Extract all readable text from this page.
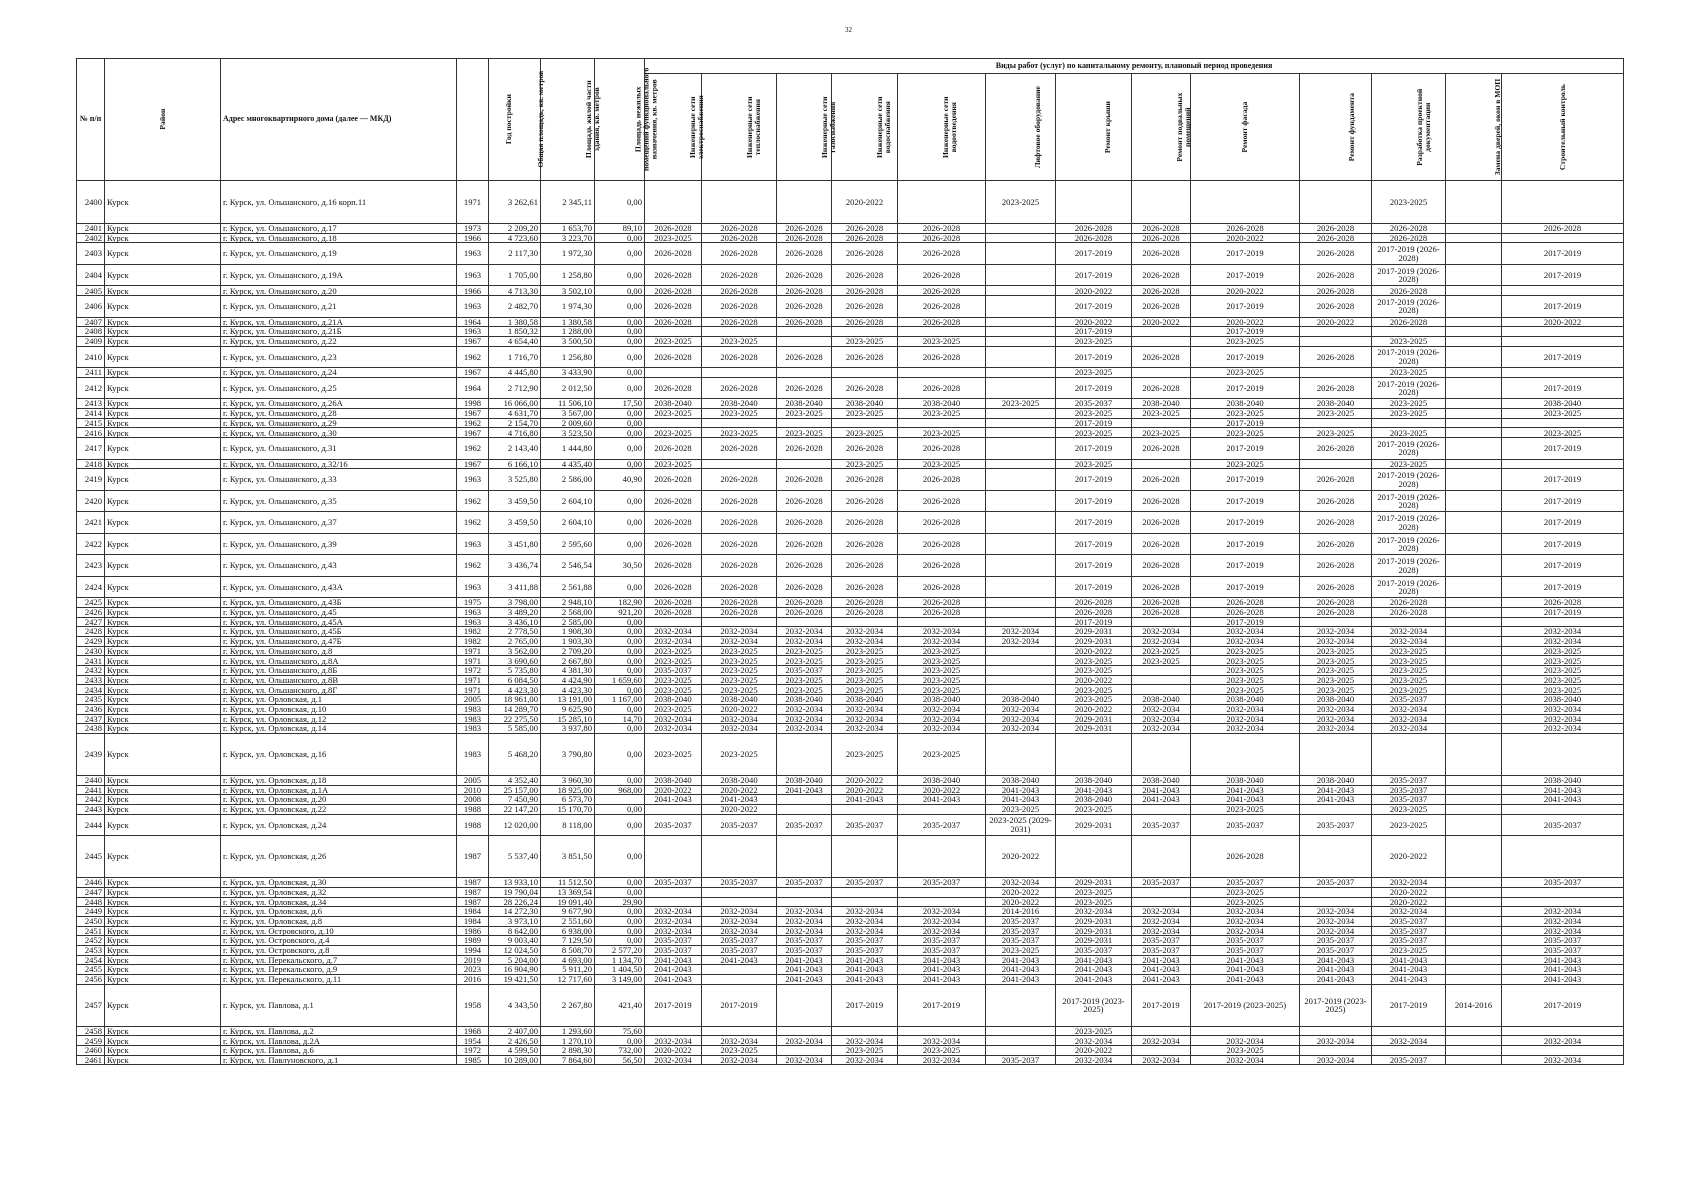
32
№ п/п	Район	Адрес многоквартирного дома (далее — МКД)	Год постройки	Общая площадь, кв. метров	Площадь жилой части здания, кв. метров	Площадь нежилых помещений функционального назначения, кв. метров	Виды работ (услуг) по капитальному ремонту, плановый период проведения												
							Инженерные сети электроснабжения	Инженерные сети теплоснабжения	Инженерные сети газоснабжения	Инженерные сети водоснабжения	Инженерные сети водоотведения	Лифтовое оборудование	Ремонт крыши	Ремонт подвальных помещений	Ремонт фасада	Ремонт фундамента	Разработка проектной документации	Замена дверей, окон в МОП	Строительный контроль
2400	Курск	г. Курск, ул. Ольшанского, д.16 корп.11	1971	3 262,61	2 345,11	0,00				2020-2022		2023-2025					2023-2025		
2401	Курск	г. Курск, ул. Ольшанского, д.17	1973	2 209,20	1 653,70	89,10	2026-2028	2026-2028	2026-2028	2026-2028	2026-2028		2026-2028	2026-2028	2026-2028	2026-2028	2026-2028		2026-2028
2402	Курск	г. Курск, ул. Ольшанского, д.18	1966	4 723,60	3 223,70	0,00	2023-2025	2026-2028	2026-2028	2026-2028	2026-2028		2026-2028	2026-2028	2020-2022	2026-2028	2026-2028		
2403	Курск	г. Курск, ул. Ольшанского, д.19	1963	2 117,30	1 972,30	0,00	2026-2028	2026-2028	2026-2028	2026-2028	2026-2028		2017-2019	2026-2028	2017-2019	2026-2028	2017-2019 (2026-2028)		2017-2019
2404	Курск	г. Курск, ул. Ольшанского, д.19А	1963	1 705,00	1 258,80	0,00	2026-2028	2026-2028	2026-2028	2026-2028	2026-2028		2017-2019	2026-2028	2017-2019	2026-2028	2017-2019 (2026-2028)		2017-2019
2405	Курск	г. Курск, ул. Ольшанского, д.20	1966	4 713,30	3 502,10	0,00	2026-2028	2026-2028	2026-2028	2026-2028	2026-2028		2020-2022	2026-2028	2020-2022	2026-2028	2026-2028		
2406	Курск	г. Курск, ул. Ольшанского, д.21	1963	2 482,70	1 974,30	0,00	2026-2028	2026-2028	2026-2028	2026-2028	2026-2028		2017-2019	2026-2028	2017-2019	2026-2028	2017-2019 (2026-2028)		2017-2019
2407	Курск	г. Курск, ул. Ольшанского, д.21А	1964	1 380,58	1 380,58	0,00	2026-2028	2026-2028	2026-2028	2026-2028	2026-2028		2020-2022	2020-2022	2020-2022	2020-2022	2026-2028		2020-2022
2408	Курск	г. Курск, ул. Ольшанского, д.21Б	1963	1 850,32	1 288,00	0,00							2017-2019		2017-2019				
2409	Курск	г. Курск, ул. Ольшанского, д.22	1967	4 654,40	3 500,50	0,00	2023-2025	2023-2025		2023-2025	2023-2025		2023-2025		2023-2025		2023-2025		
2410	Курск	г. Курск, ул. Ольшанского, д.23	1962	1 716,70	1 256,80	0,00	2026-2028	2026-2028	2026-2028	2026-2028	2026-2028		2017-2019	2026-2028	2017-2019	2026-2028	2017-2019 (2026-2028)		2017-2019
2411	Курск	г. Курск, ул. Ольшанского, д.24	1967	4 445,80	3 433,90	0,00							2023-2025		2023-2025		2023-2025		
2412	Курск	г. Курск, ул. Ольшанского, д.25	1964	2 712,90	2 012,50	0,00	2026-2028	2026-2028	2026-2028	2026-2028	2026-2028		2017-2019	2026-2028	2017-2019	2026-2028	2017-2019 (2026-2028)		2017-2019
2413	Курск	г. Курск, ул. Ольшанского, д.26А	1998	16 066,00	11 506,10	17,50	2038-2040	2038-2040	2038-2040	2038-2040	2038-2040	2023-2025	2035-2037	2038-2040	2038-2040	2038-2040	2023-2025		2038-2040
2414	Курск	г. Курск, ул. Ольшанского, д.28	1967	4 631,70	3 567,00	0,00	2023-2025	2023-2025	2023-2025	2023-2025	2023-2025		2023-2025	2023-2025	2023-2025	2023-2025	2023-2025		2023-2025
2415	Курск	г. Курск, ул. Ольшанского, д.29	1962	2 154,70	2 009,60	0,00							2017-2019		2017-2019				
2416	Курск	г. Курск, ул. Ольшанского, д.30	1967	4 716,80	3 523,50	0,00	2023-2025	2023-2025	2023-2025	2023-2025	2023-2025		2023-2025	2023-2025	2023-2025	2023-2025	2023-2025		2023-2025
2417	Курск	г. Курск, ул. Ольшанского, д.31	1962	2 143,40	1 444,80	0,00	2026-2028	2026-2028	2026-2028	2026-2028	2026-2028		2017-2019	2026-2028	2017-2019	2026-2028	2017-2019 (2026-2028)		2017-2019
2418	Курск	г. Курск, ул. Ольшанского, д.32/16	1967	6 166,10	4 435,40	0,00	2023-2025			2023-2025	2023-2025		2023-2025		2023-2025		2023-2025		
2419	Курск	г. Курск, ул. Ольшанского, д.33	1963	3 525,80	2 586,00	40,90	2026-2028	2026-2028	2026-2028	2026-2028	2026-2028		2017-2019	2026-2028	2017-2019	2026-2028	2017-2019 (2026-2028)		2017-2019
2420	Курск	г. Курск, ул. Ольшанского, д.35	1962	3 459,50	2 604,10	0,00	2026-2028	2026-2028	2026-2028	2026-2028	2026-2028		2017-2019	2026-2028	2017-2019	2026-2028	2017-2019 (2026-2028)		2017-2019
2421	Курск	г. Курск, ул. Ольшанского, д.37	1962	3 459,50	2 604,10	0,00	2026-2028	2026-2028	2026-2028	2026-2028	2026-2028		2017-2019	2026-2028	2017-2019	2026-2028	2017-2019 (2026-2028)		2017-2019
2422	Курск	г. Курск, ул. Ольшанского, д.39	1963	3 451,80	2 595,60	0,00	2026-2028	2026-2028	2026-2028	2026-2028	2026-2028		2017-2019	2026-2028	2017-2019	2026-2028	2017-2019 (2026-2028)		2017-2019
2423	Курск	г. Курск, ул. Ольшанского, д.43	1962	3 436,74	2 546,54	30,50	2026-2028	2026-2028	2026-2028	2026-2028	2026-2028		2017-2019	2026-2028	2017-2019	2026-2028	2017-2019 (2026-2028)		2017-2019
2424	Курск	г. Курск, ул. Ольшанского, д.43А	1963	3 411,88	2 561,88	0,00	2026-2028	2026-2028	2026-2028	2026-2028	2026-2028		2017-2019	2026-2028	2017-2019	2026-2028	2017-2019 (2026-2028)		2017-2019
2425	Курск	г. Курск, ул. Ольшанского, д.43Б	1975	3 798,00	2 948,10	182,90	2026-2028	2026-2028	2026-2028	2026-2028	2026-2028		2026-2028	2026-2028	2026-2028	2026-2028	2026-2028		2026-2028
2426	Курск	г. Курск, ул. Ольшанского, д.45	1963	3 489,20	2 568,00	921,20	2026-2028	2026-2028	2026-2028	2026-2028	2026-2028		2026-2028	2026-2028	2026-2028	2026-2028	2026-2028		2017-2019
2427	Курск	г. Курск, ул. Ольшанского, д.45А	1963	3 436,10	2 585,00	0,00							2017-2019		2017-2019				
2428	Курск	г. Курск, ул. Ольшанского, д.45Б	1982	2 778,50	1 908,30	0,00	2032-2034	2032-2034	2032-2034	2032-2034	2032-2034	2032-2034	2029-2031	2032-2034	2032-2034	2032-2034	2032-2034		2032-2034
2429	Курск	г. Курск, ул. Ольшанского, д.47Б	1982	2 765,00	1 903,30	0,00	2032-2034	2032-2034	2032-2034	2032-2034	2032-2034	2032-2034	2029-2031	2032-2034	2032-2034	2032-2034	2032-2034		2032-2034
2430	Курск	г. Курск, ул. Ольшанского, д.8	1971	3 562,00	2 709,20	0,00	2023-2025	2023-2025	2023-2025	2023-2025	2023-2025		2020-2022	2023-2025	2023-2025	2023-2025	2023-2025		2023-2025
2431	Курск	г. Курск, ул. Ольшанского, д.8А	1971	3 690,60	2 667,80	0,00	2023-2025	2023-2025	2023-2025	2023-2025	2023-2025		2023-2025	2023-2025	2023-2025	2023-2025	2023-2025		2023-2025
2432	Курск	г. Курск, ул. Ольшанского, д.8Б	1972	5 735,80	4 381,30	0,00	2035-2037	2023-2025	2035-2037	2023-2025	2023-2025		2023-2025		2023-2025	2023-2025	2023-2025		2023-2025
2433	Курск	г. Курск, ул. Ольшанского, д.8В	1971	6 084,50	4 424,90	1 659,60	2023-2025	2023-2025	2023-2025	2023-2025	2023-2025		2020-2022		2023-2025	2023-2025	2023-2025		2023-2025
2434	Курск	г. Курск, ул. Ольшанского, д.8Г	1971	4 423,30	4 423,30	0,00	2023-2025	2023-2025	2023-2025	2023-2025	2023-2025		2023-2025		2023-2025	2023-2025	2023-2025		2023-2025
2435	Курск	г. Курск, ул. Орловская, д.1	2005	18 961,00	13 191,00	1 167,00	2038-2040	2038-2040	2038-2040	2038-2040	2038-2040	2038-2040	2023-2025	2038-2040	2038-2040	2038-2040	2035-2037		2038-2040
2436	Курск	г. Курск, ул. Орловская, д.10	1983	14 289,70	9 625,90	0,00	2023-2025	2020-2022	2032-2034	2032-2034	2032-2034	2032-2034	2020-2022	2032-2034	2032-2034	2032-2034	2032-2034		2032-2034
2437	Курск	г. Курск, ул. Орловская, д.12	1983	22 275,50	15 285,10	14,70	2032-2034	2032-2034	2032-2034	2032-2034	2032-2034	2032-2034	2029-2031	2032-2034	2032-2034	2032-2034	2032-2034		2032-2034
2438	Курск	г. Курск, ул. Орловская, д.14	1983	5 585,00	3 937,80	0,00	2032-2034	2032-2034	2032-2034	2032-2034	2032-2034	2032-2034	2029-2031	2032-2034	2032-2034	2032-2034	2032-2034		2032-2034
2439	Курск	г. Курск, ул. Орловская, д.16	1983	5 468,20	3 790,80	0,00	2023-2025	2023-2025		2023-2025	2023-2025								
2440	Курск	г. Курск, ул. Орловская, д.18	2005	4 352,40	3 960,30	0,00	2038-2040	2038-2040	2038-2040	2020-2022	2038-2040	2038-2040	2038-2040	2038-2040	2038-2040	2038-2040	2035-2037		2038-2040
2441	Курск	г. Курск, ул. Орловская, д.1А	2010	25 157,00	18 925,00	968,00	2020-2022	2020-2022	2041-2043	2020-2022	2020-2022	2041-2043	2041-2043	2041-2043	2041-2043	2041-2043	2035-2037		2041-2043
2442	Курск	г. Курск, ул. Орловская, д.20	2008	7 450,90	6 573,70		2041-2043	2041-2043		2041-2043	2041-2043	2041-2043	2038-2040	2041-2043	2041-2043	2041-2043	2035-2037		2041-2043
2443	Курск	г. Курск, ул. Орловская, д.22	1988	22 147,20	15 170,70	0,00		2020-2022				2023-2025	2023-2025		2023-2025		2023-2025		
2444	Курск	г. Курск, ул. Орловская, д.24	1988	12 020,00	8 118,00	0,00	2035-2037	2035-2037	2035-2037	2035-2037	2035-2037	2023-2025 (2029-2031)	2029-2031	2035-2037	2035-2037	2035-2037	2023-2025		2035-2037
2445	Курск	г. Курск, ул. Орловская, д.26	1987	5 537,40	3 851,50	0,00						2020-2022			2026-2028		2020-2022		
2446	Курск	г. Курск, ул. Орловская, д.30	1987	13 933,10	11 512,50	0,00	2035-2037	2035-2037	2035-2037	2035-2037	2035-2037	2032-2034	2029-2031	2035-2037	2035-2037	2035-2037	2032-2034		2035-2037
2447	Курск	г. Курск, ул. Орловская, д.32	1987	19 790,04	13 369,54	0,00						2020-2022	2023-2025		2023-2025		2020-2022		
2448	Курск	г. Курск, ул. Орловская, д.34	1987	28 226,24	19 091,40	29,90						2020-2022	2023-2025		2023-2025		2020-2022		
2449	Курск	г. Курск, ул. Орловская, д.6	1984	14 272,30	9 677,90	0,00	2032-2034	2032-2034	2032-2034	2032-2034	2032-2034	2014-2016	2032-2034	2032-2034	2032-2034	2032-2034	2032-2034		2032-2034
2450	Курск	г. Курск, ул. Орловская, д.8	1984	3 973,10	2 551,60	0,00	2032-2034	2032-2034	2032-2034	2032-2034	2032-2034	2035-2037	2029-2031	2032-2034	2032-2034	2032-2034	2035-2037		2032-2034
2451	Курск	г. Курск, ул. Островского, д.10	1986	8 642,00	6 938,00	0,00	2032-2034	2032-2034	2032-2034	2032-2034	2032-2034	2035-2037	2029-2031	2032-2034	2032-2034	2032-2034	2035-2037		2032-2034
2452	Курск	г. Курск, ул. Островского, д.4	1989	9 003,40	7 129,50	0,00	2035-2037	2035-2037	2035-2037	2035-2037	2035-2037	2035-2037	2029-2031	2035-2037	2035-2037	2035-2037	2035-2037		2035-2037
2453	Курск	г. Курск, ул. Островского, д.8	1994	12 024,50	8 508,70	2 577,20	2035-2037	2035-2037	2035-2037	2035-2037	2035-2037	2023-2025	2035-2037	2035-2037	2035-2037	2035-2037	2023-2025		2035-2037
2454	Курск	г. Курск, ул. Перекальского, д.7	2019	5 204,00	4 693,00	1 134,70	2041-2043	2041-2043	2041-2043	2041-2043	2041-2043	2041-2043	2041-2043	2041-2043	2041-2043	2041-2043	2041-2043		2041-2043
2455	Курск	г. Курск, ул. Перекальского, д.9	2023	16 904,90	5 911,20	1 404,50	2041-2043		2041-2043	2041-2043	2041-2043	2041-2043	2041-2043	2041-2043	2041-2043	2041-2043	2041-2043		2041-2043
2456	Курск	г. Курск, ул. Перекальского, д.11	2016	19 421,50	12 717,60	3 149,00	2041-2043		2041-2043	2041-2043	2041-2043	2041-2043	2041-2043	2041-2043	2041-2043	2041-2043	2041-2043		2041-2043
2457	Курск	г. Курск, ул. Павлова, д.1	1958	4 343,50	2 267,80	421,40	2017-2019	2017-2019		2017-2019	2017-2019		2017-2019 (2023-2025)	2017-2019	2017-2019 (2023-2025)	2017-2019 (2023-2025)	2017-2019	2014-2016	2017-2019
2458	Курск	г. Курск, ул. Павлова, д.2	1968	2 407,00	1 293,60	75,60							2023-2025						
2459	Курск	г. Курск, ул. Павлова, д.2А	1954	2 426,50	1 270,10	0,00	2032-2034	2032-2034	2032-2034	2032-2034	2032-2034		2032-2034	2032-2034	2032-2034	2032-2034	2032-2034		2032-2034
2460	Курск	г. Курск, ул. Павлова, д.6	1972	4 599,50	2 898,30	732,00	2020-2022	2023-2025		2023-2025	2023-2025		2020-2022		2023-2025				
2461	Курск	г. Курск, ул. Павлуновского, д.1	1985	10 289,00	7 864,60	56,50	2032-2034	2032-2034	2032-2034	2032-2034	2032-2034	2035-2037	2032-2034	2032-2034	2032-2034	2032-2034	2035-2037		2032-2034
